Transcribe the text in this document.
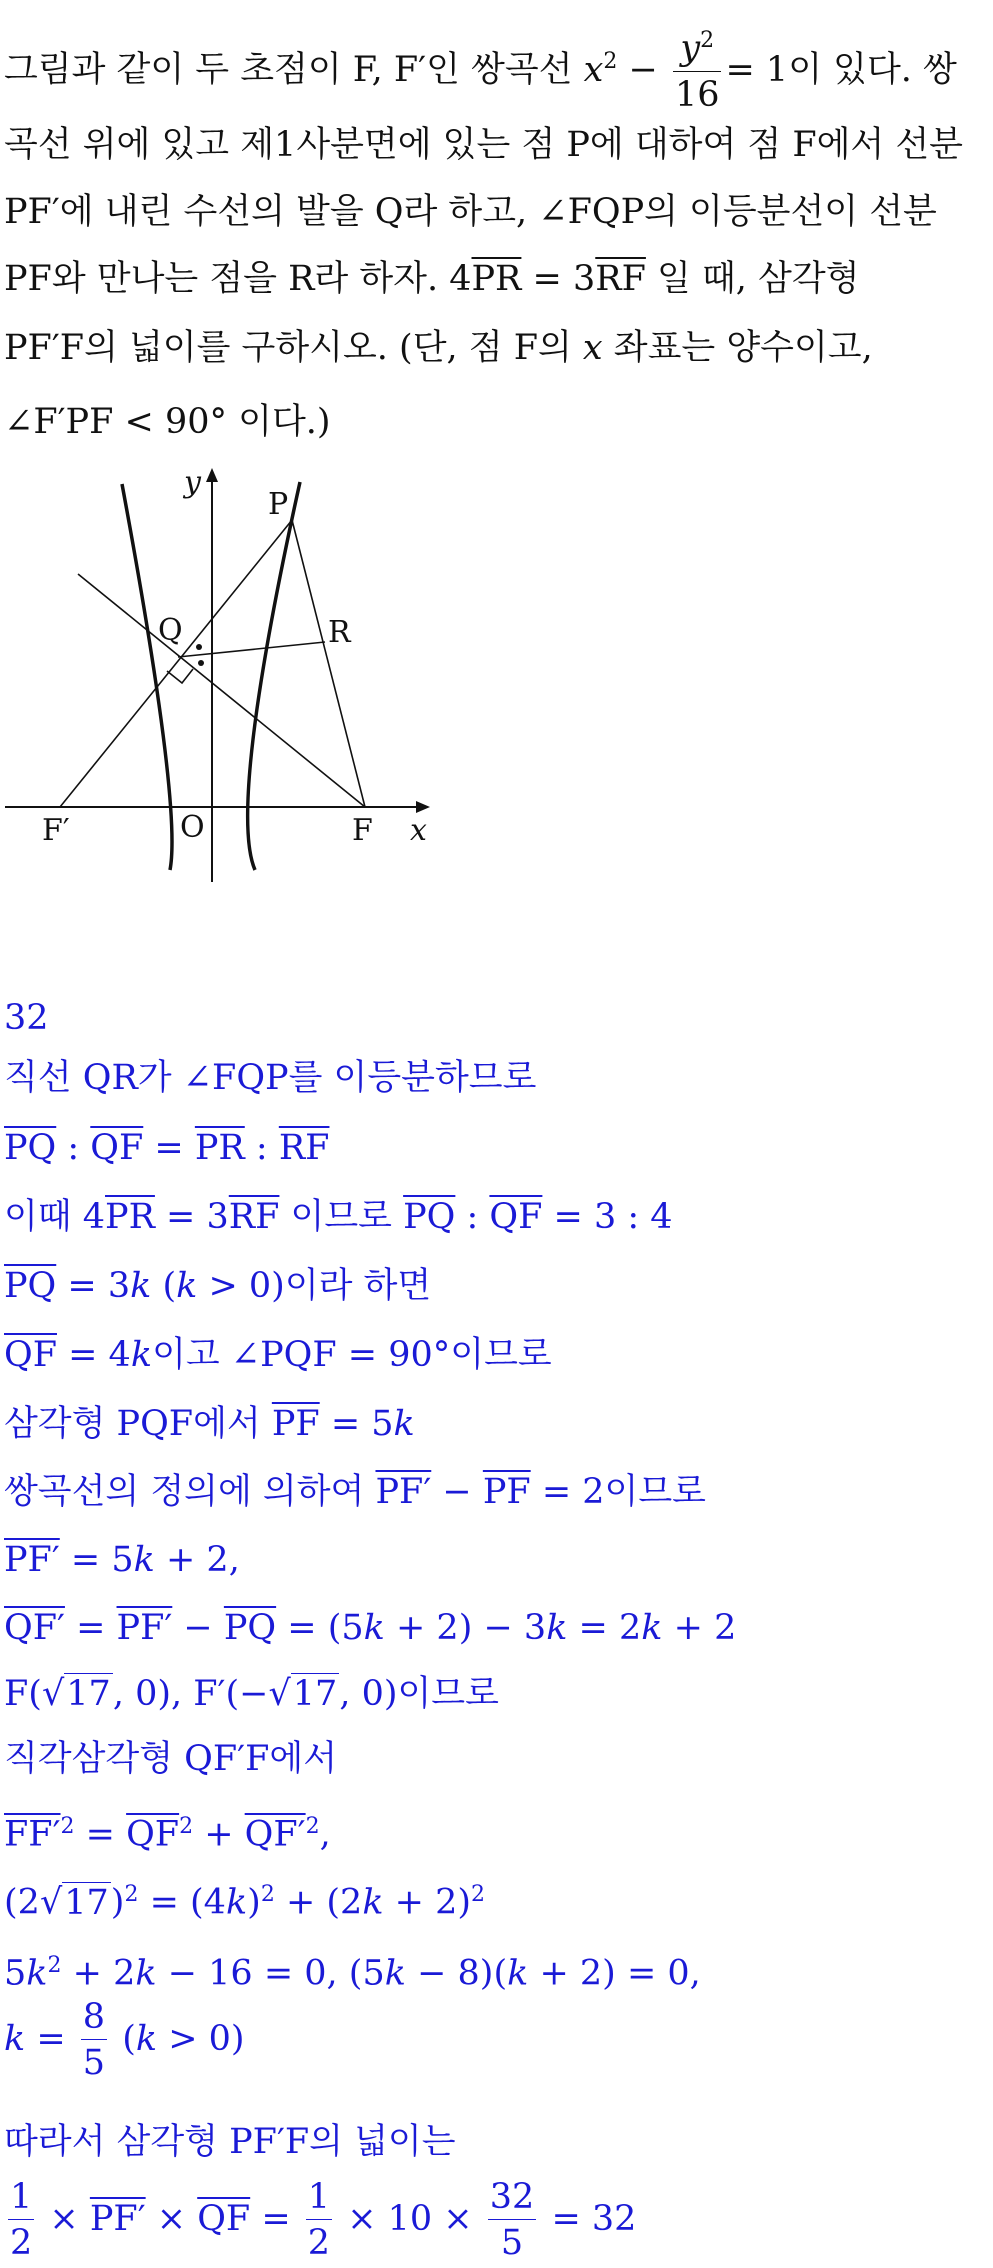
그림과 같이 두 초점이 F, F′인 쌍곡선 $x^2 - \frac{y^2}{16} = 1$이 있다. 쌍
곡선 위에 있고 제1사분면에 있는 점 P에 대하여 점 F에서 선분
PF′에 내린 수선의 발을 Q라 하고, ∠FQP의 이등분선이 선분
PF와 만나는 점을 R라 하자. $4\overline{PR} = 3\overline{RF}$ 일 때, 삼각형
PF′F의 넓이를 구하시오. (단, 점 F의 x 좌표는 양수이고,
∠F′PF < 90° 이다.)
y
x
P
Q	R
F
F′	O
32
직선 QR가 ∠FQP를 이등분하므로
$\overline{PQ}$ : $\overline{QF} = \overline{PR}$ : $\overline{RF}$
이때 $4\overline{PR} = 3\overline{RF}$ 이므로 $\overline{PQ}$ : $\overline{QF} = 3$ : 4
$\overline{PQ} = 3k$ (k > 0)이라 하면
$\overline{QF} = 4k$이고 ∠PQF = 90°이므로
삼각형 PQF에서 $\overline{PF} = 5k$
쌍곡선의 정의에 의하여 $PF' - \overline{PF} = 2$이므로
PF′ = 5k + 2,
$QF' = PF' - \overline{PQ} = (5k + 2) - 3k = 2k + 2$
F(√17, 0), F′(−√17, 0)이므로
직각삼각형 QF′F에서
$FF'^2 = \overline{QF}^2 + QF'^2$,
$(2√17)^2 = (4k)^2 + (2k + 2)^2$
$5k^2 + 2k - 16 = 0$, (5k − 8)(k + 2) = 0,
$k = \frac{8}{5} (k > 0)$
따라서 삼각형 PF′F의 넓이는
$\frac{1}{2} \times PF' \times \overline{QF} = \frac{1}{2} \times 10 \times \frac{32}{5} = 32$
